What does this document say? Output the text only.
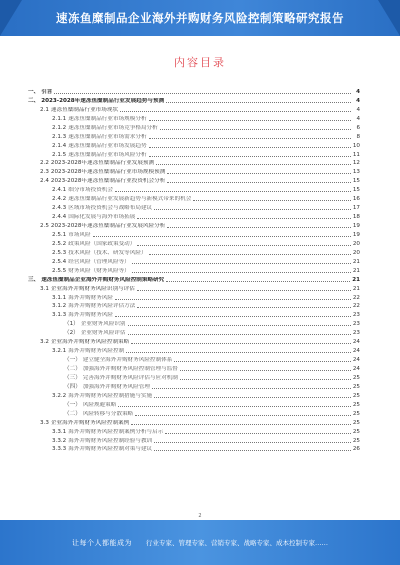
速冻鱼糜制品企业海外并购财务风险控制策略研究报告
内容目录
一、 引言	4
二、 2023-2028年速冻鱼糜制品行业发展趋势与预测	4
2.1 速冻鱼糜制品行业市场现状	4
2.1.1 速冻鱼糜制品行业市场规模分析	4
2.1.2 速冻鱼糜制品行业市场竞争格局分析	6
2.1.3 速冻鱼糜制品行业市场需求分析	8
2.1.4 速冻鱼糜制品行业市场发展趋势	10
2.1.5 速冻鱼糜制品行业市场风险分析	11
2.2 2023-2028年速冻鱼糜制品行业发展预测	12
2.3 2023-2028年速冻鱼糜制品行业市场规模预测	13
2.4 2023-2028年速冻鱼糜制品行业投资机会分析	15
2.4.1 细分市场投资机会	15
2.4.2 速冻鱼糜制品行业发展新趋势与新模式带来的机会	16
2.4.3 区域市场投资机会与战略布局建议	17
2.4.4 国际化发展与海外市场拓展	18
2.5 2023-2028年速冻鱼糜制品行业发展风险分析	19
2.5.1 市场风险	19
2.5.2 政策风险（国家政策变动）	20
2.5.3 技术风险（技术、研发等风险）	20
2.5.4 经营风险（管理风险等）	21
2.5.5 财务风险（财务风险等）	21
三、 速冻鱼糜制品企业海外并购财务风险控制策略研究	21
3.1 企业海外并购财务风险识别与评估	21
3.1.1 海外并购财务风险	22
3.1.2 海外并购财务风险评估方法	22
3.1.3 海外并购财务风险	23
（1） 企业财务风险识别	23
（2） 企业财务风险评估	23
3.2 企业海外并购财务风险控制策略	24
3.2.1 海外并购财务风险控制	24
（一） 建立健全海外并购财务风险控制体系	24
（二） 加强海外并购财务风险控制管理与监督	24
（三） 完善海外并购财务风险评估与应对机制	25
（四） 加强海外并购财务风险管理	25
3.2.2 海外并购财务风险控制措施与实施	25
（一） 风险规避策略	25
（二） 风险转移与分散策略	25
3.3 企业海外并购财务风险控制案例	25
3.3.1 海外并购财务风险控制案例分析与启示	25
3.3.2 海外并购财务风险控制经验与教训	25
3.3.3 海外并购财务风险控制对策与建议	26
2
让每个人都能成为 行业专家、管理专家、营销专家、战略专家、成本控制专家……
